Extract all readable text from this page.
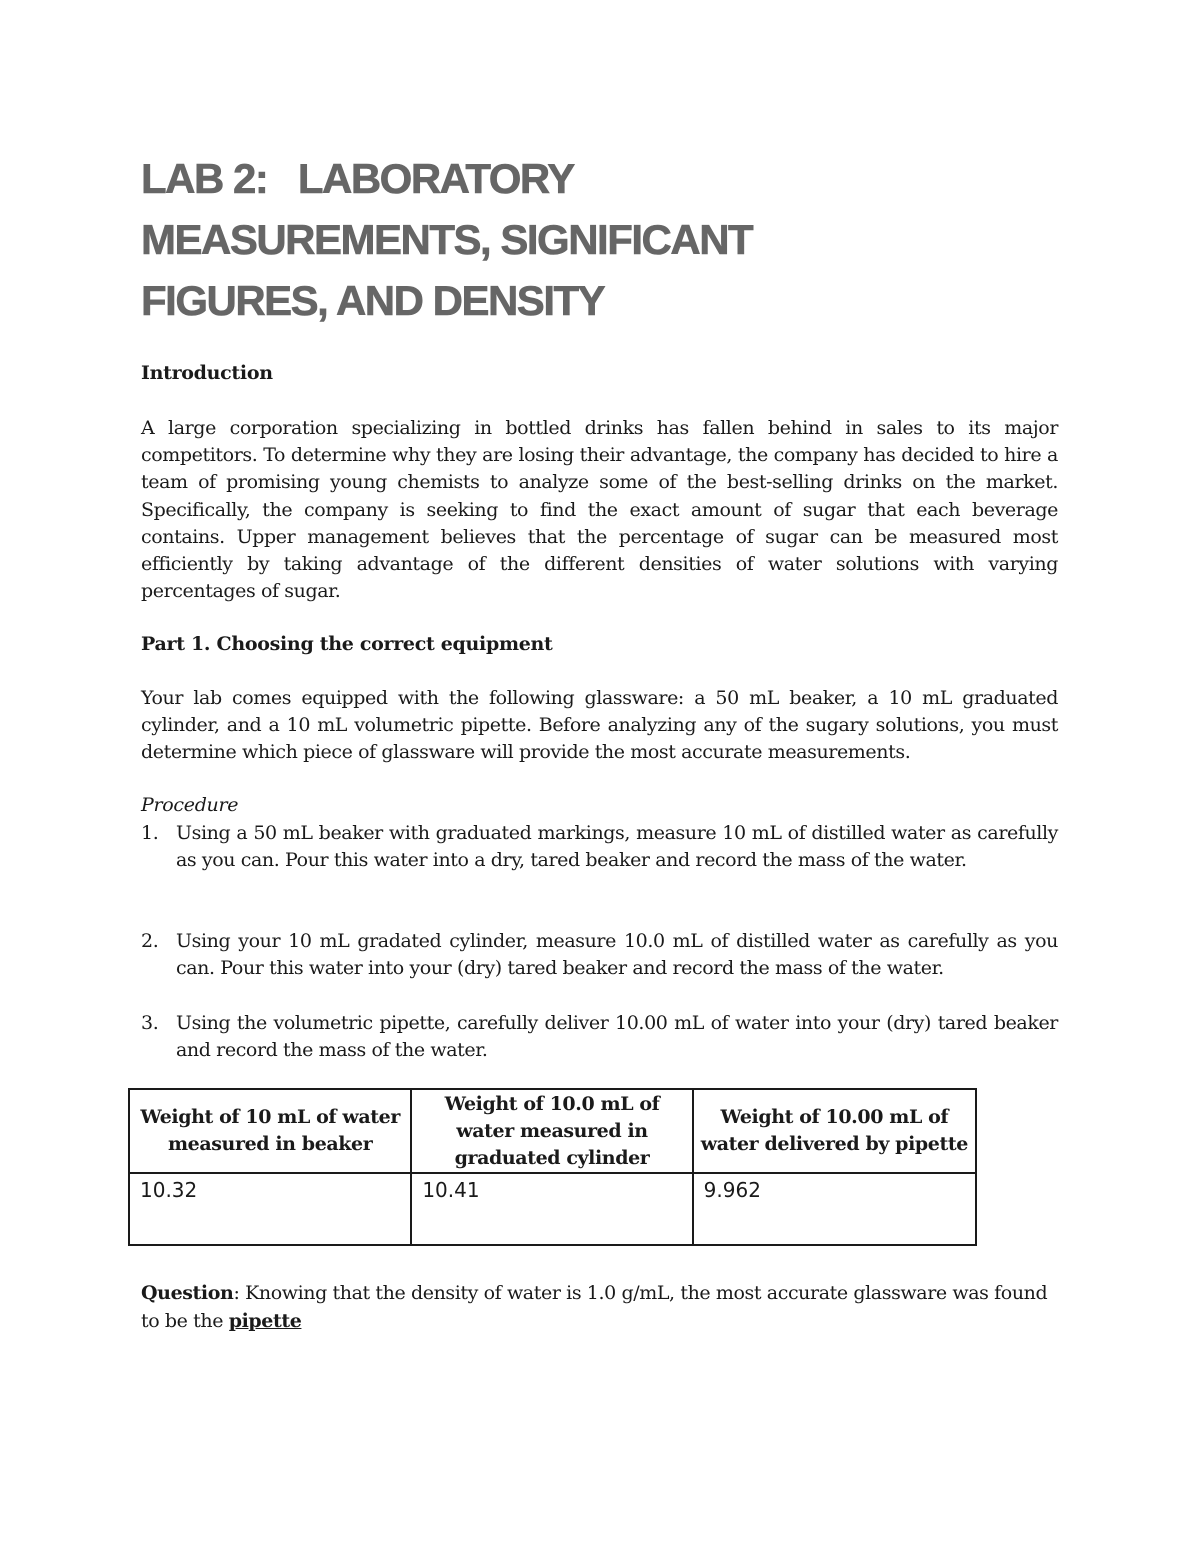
LAB 2:   LABORATORY
MEASUREMENTS, SIGNIFICANT
FIGURES, AND DENSITY
Introduction

A large corporation specializing in bottled drinks has fallen behind in sales to its major competitors. To determine why they are losing their advantage, the company has decided to hire a team of promising young chemists to analyze some of the best-selling drinks on the market. Specifically, the company is seeking to find the exact amount of sugar that each beverage contains. Upper management believes that the percentage of sugar can be measured most efficiently by taking advantage of the different densities of water solutions with varying percentages of sugar.

Part 1. Choosing the correct equipment

Your lab comes equipped with the following glassware: a 50 mL beaker, a 10 mL graduated cylinder, and a 10 mL volumetric pipette. Before analyzing any of the sugary solutions, you must determine which piece of glassware will provide the most accurate measurements.

Procedure
1. Using a 50 mL beaker with graduated markings, measure 10 mL of distilled water as carefully as you can. Pour this water into a dry, tared beaker and record the mass of the water.
2. Using your 10 mL gradated cylinder, measure 10.0 mL of distilled water as carefully as you can. Pour this water into your (dry) tared beaker and record the mass of the water.
3. Using the volumetric pipette, carefully deliver 10.00 mL of water into your (dry) tared beaker and record the mass of the water.
Question: Knowing that the density of water is 1.0 g/mL, the most accurate glassware was found to be the pipette
Weight of 10 mL of water measured in beaker	Weight of 10.0 mL of water measured in graduated cylinder	Weight of 10.00 mL of water delivered by pipette
10.32	10.41	9.962
